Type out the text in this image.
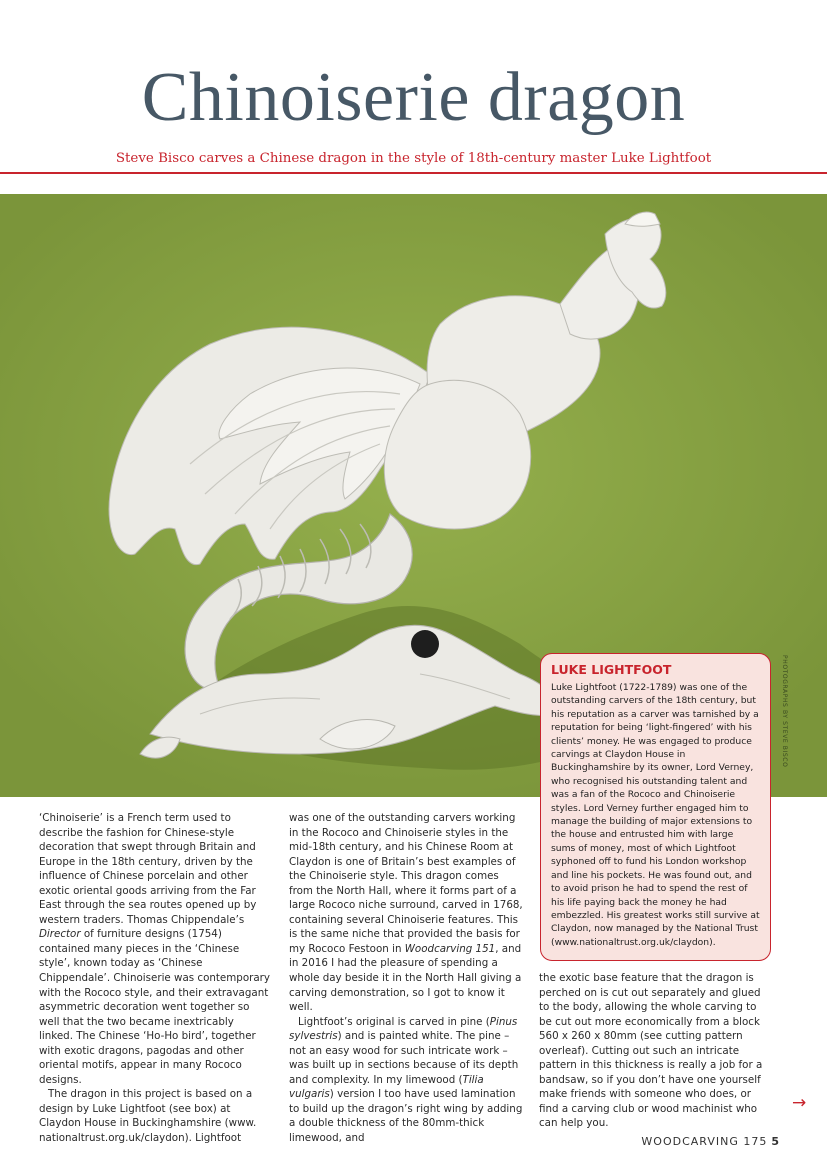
Chinoiserie dragon
Steve Bisco carves a Chinese dragon in the style of 18th-century master Luke Lightfoot
PHOTOGRAPHS BY STEVE BISCO
LUKE LIGHTFOOT
Luke Lightfoot (1722-1789) was one of the outstanding carvers of the 18th century, but his reputation as a carver was tarnished by a reputation for being ‘light-fingered’ with his clients’ money. He was engaged to produce carvings at Claydon House in Buckinghamshire by its owner, Lord Verney, who recognised his outstanding talent and was a fan of the Rococo and Chinoiserie styles. Lord Verney further engaged him to manage the building of major extensions to the house and entrusted him with large sums of money, most of which Lightfoot syphoned off to fund his London workshop and line his pockets. He was found out, and to avoid prison he had to spend the rest of his life paying back the money he had embezzled. His greatest works still survive at Claydon, now managed by the National Trust (www.nationaltrust.org.uk/claydon).

‘Chinoiserie’ is a French term used to describe the fashion for Chinese-style decoration that swept through Britain and Europe in the 18th century, driven by the influence of Chinese porcelain and other exotic oriental goods arriving from the Far East through the sea routes opened up by western traders. Thomas Chippendale’s Director of furniture designs (1754) contained many pieces in the ‘Chinese style’, known today as ‘Chinese Chippendale’. Chinoiserie was contemporary with the Rococo style, and their extravagant asymmetric decoration went together so well that the two became inextricably linked. The Chinese ‘Ho-Ho bird’, together with exotic dragons, pagodas and other oriental motifs, appear in many Rococo designs.

The dragon in this project is based on a design by Luke Lightfoot (see box) at Claydon House in Buckinghamshire (www. nationaltrust.org.uk/claydon). Lightfoot

was one of the outstanding carvers working in the Rococo and Chinoiserie styles in the mid-18th century, and his Chinese Room at Claydon is one of Britain’s best examples of the Chinoiserie style. This dragon comes from the North Hall, where it forms part of a large Rococo niche surround, carved in 1768, containing several Chinoiserie features. This is the same niche that provided the basis for my Rococo Festoon in Woodcarving 151, and in 2016 I had the pleasure of spending a whole day beside it in the North Hall giving a carving demonstration, so I got to know it well.

Lightfoot’s original is carved in pine (Pinus sylvestris) and is painted white. The pine – not an easy wood for such intricate work – was built up in sections because of its depth and complexity. In my limewood (Tilia vulgaris) version I too have used lamination to build up the dragon’s right wing by adding a double thickness of the 80mm-thick limewood, and

the exotic base feature that the dragon is perched on is cut out separately and glued to the body, allowing the whole carving to be cut out more economically from a block 560 x 260 x 80mm (see cutting pattern overleaf). Cutting out such an intricate pattern in this thickness is really a job for a bandsaw, so if you don’t have one yourself make friends with someone who does, or find a carving club or wood machinist who can help you.

→
WOODCARVING 175 5
